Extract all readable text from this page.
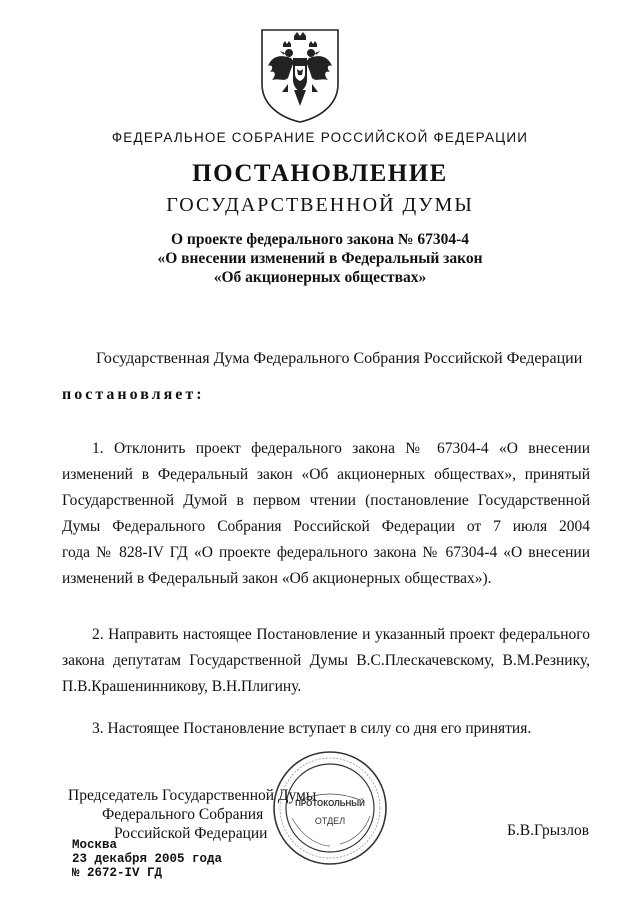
ФЕДЕРАЛЬНОЕ СОБРАНИЕ РОССИЙСКОЙ ФЕДЕРАЦИИ
ПОСТАНОВЛЕНИЕ
ГОСУДАРСТВЕННОЙ ДУМЫ
О проекте федерального закона № 67304-4
«О внесении изменений в Федеральный закон
«Об акционерных обществах»
Государственная Дума Федерального Собрания Российской Федерации
постановляет:
1. Отклонить проект федерального закона № 67304-4 «О внесении
изменений в Федеральный закон «Об акционерных обществах», принятый
Государственной Думой в первом чтении (постановление Государственной
Думы Федерального Собрания Российской Федерации от 7 июля 2004
года № 828-IV ГД «О проекте федерального закона № 67304-4 «О внесении
изменений в Федеральный закон «Об акционерных обществах»).
2. Направить настоящее Постановление и указанный проект федерального
закона депутатам Государственной Думы В.С.Плескачевскому, В.М.Резнику,
П.В.Крашенинникову, В.Н.Плигину.
3. Настоящее Постановление вступает в силу со дня его принятия.
Председатель Государственной Думы
Федерального Собрания
Российской Федерации
ПРОТОКОЛЬНЫЙ
ОТДЕЛ
Б.В.Грызлов
Москва
23 декабря 2005 года
№ 2672-IV ГД
